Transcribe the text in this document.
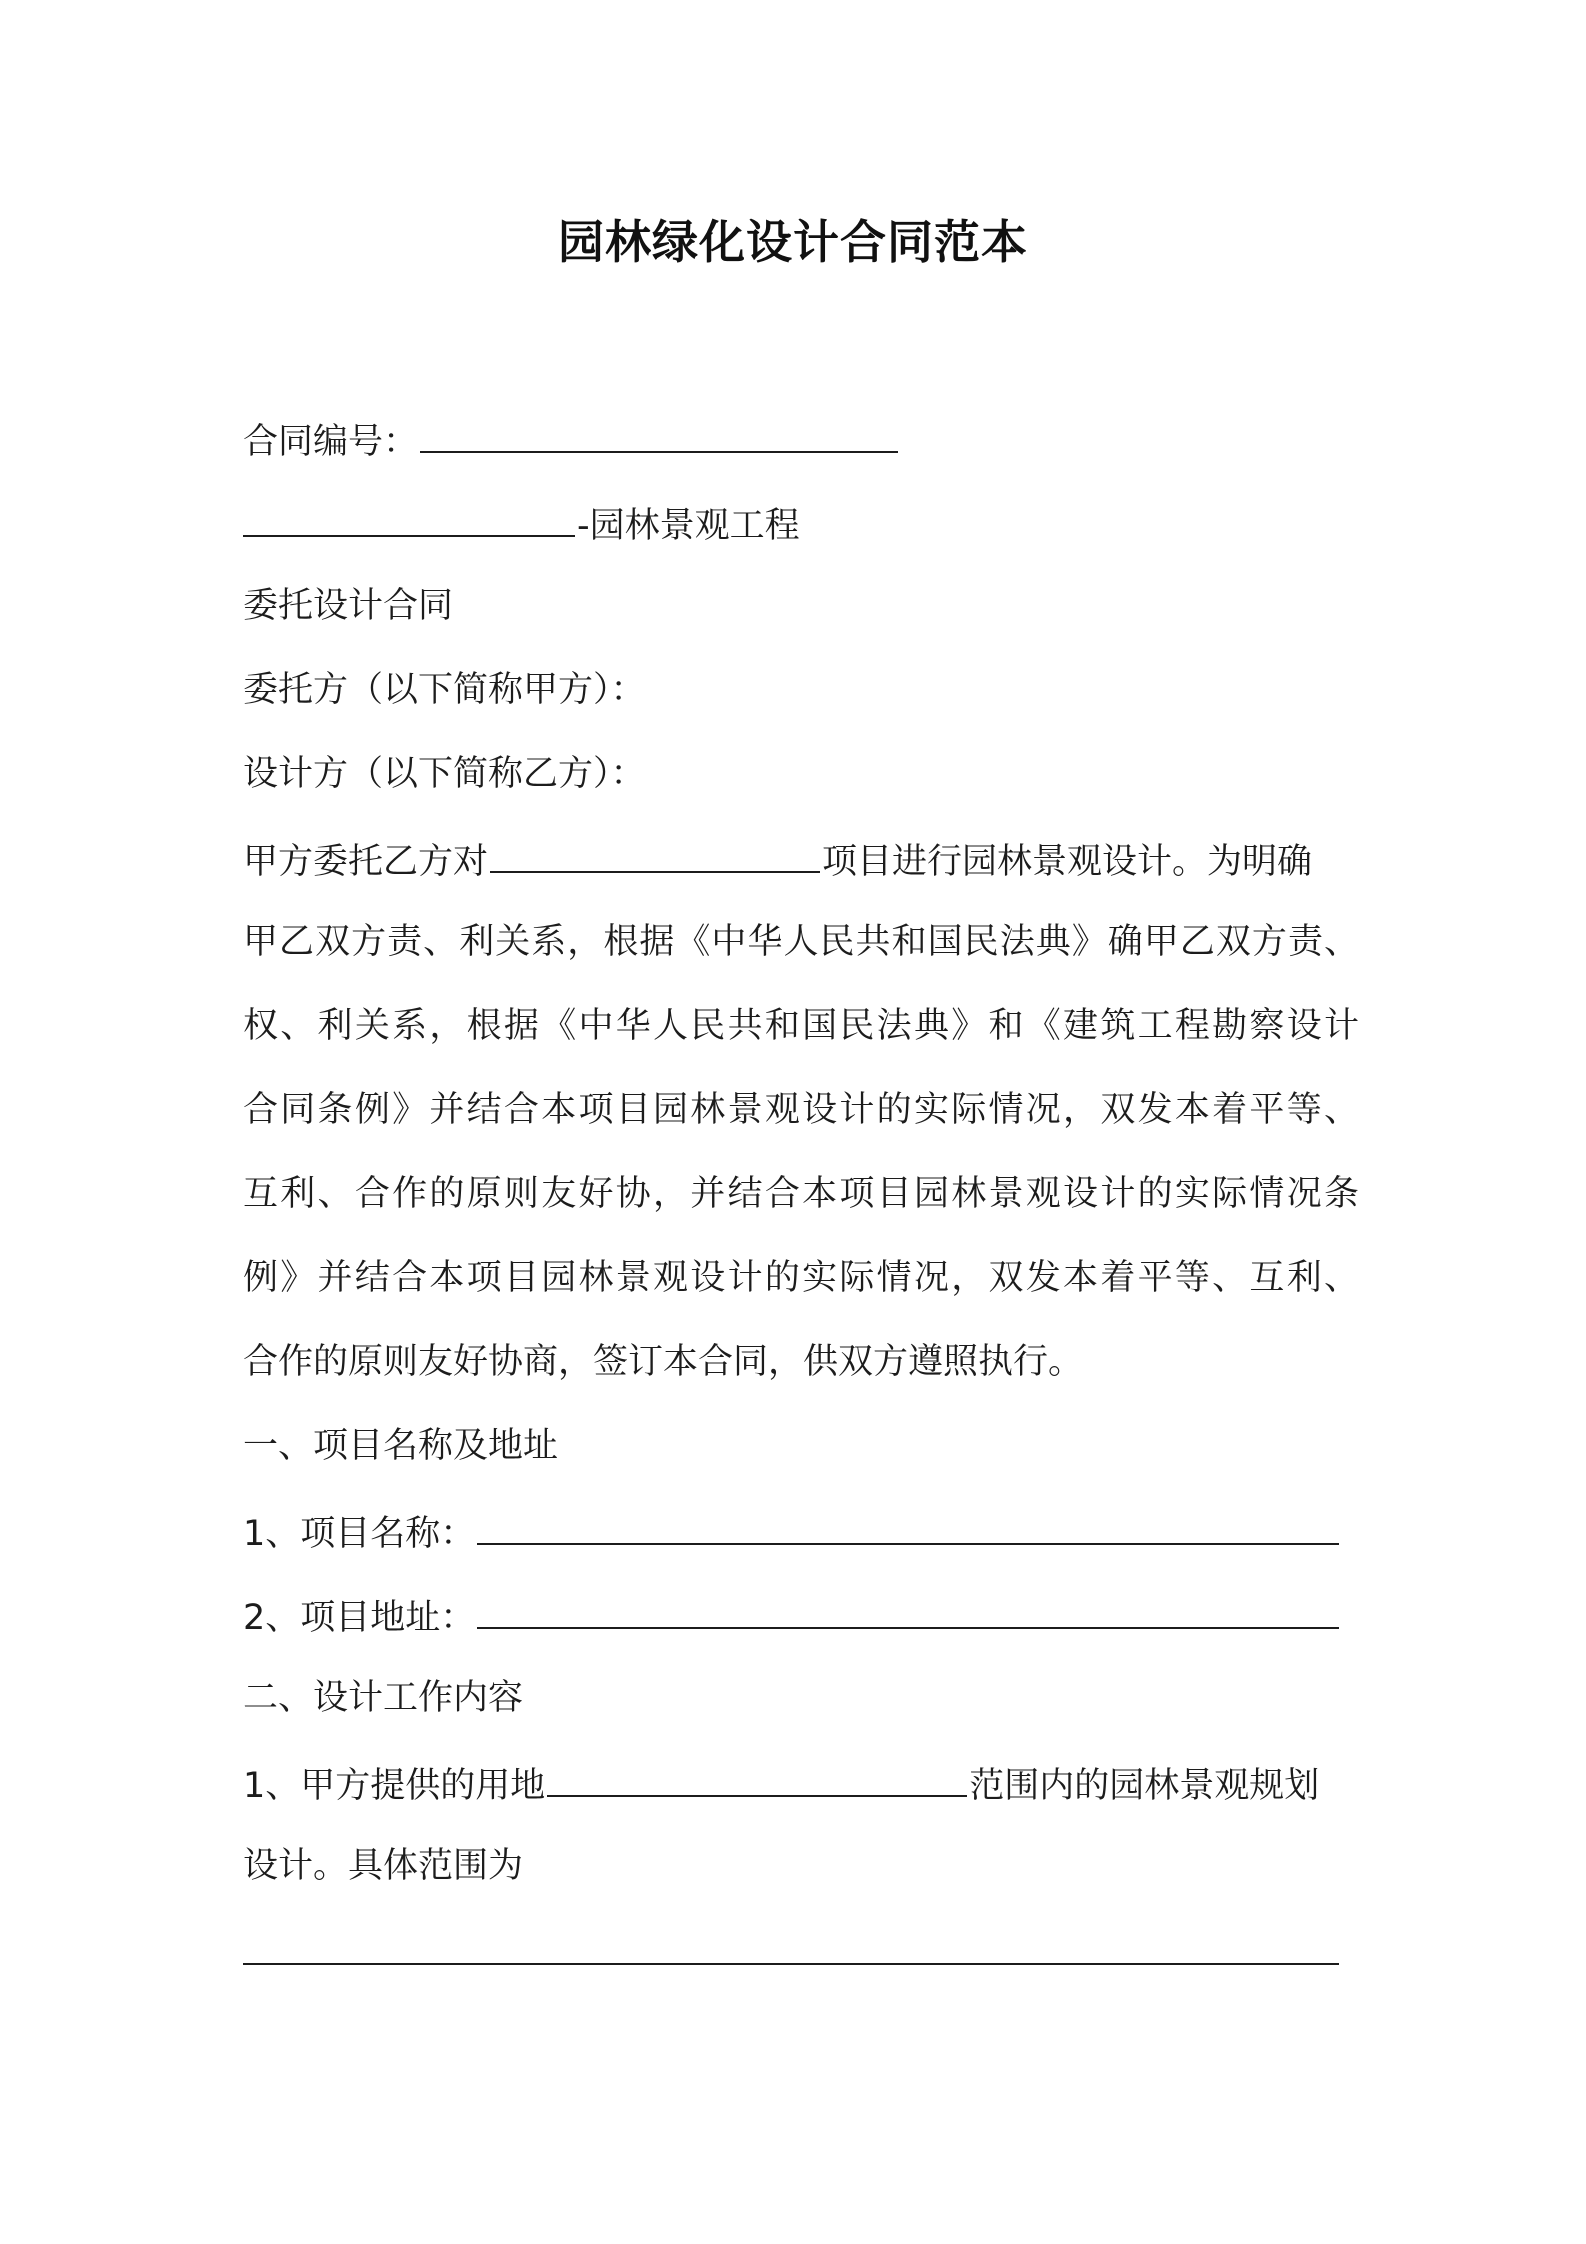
园林绿化设计合同范本
合同编号：
-园林景观工程
委托设计合同
委托方（以下简称甲方）：
设计方（以下简称乙方）：
甲方委托乙方对	项目进行园林景观设计。为明确
甲乙双方责、利关系，根据《中华人民共和国民法典》确甲乙双方责、
权、利关系，根据《中华人民共和国民法典》和《建筑工程勘察设计
合同条例》并结合本项目园林景观设计的实际情况，双发本着平等、
互利、合作的原则友好协，并结合本项目园林景观设计的实际情况条
例》并结合本项目园林景观设计的实际情况，双发本着平等、互利、
合作的原则友好协商，签订本合同，供双方遵照执行。
一、项目名称及地址
1、项目名称：
2、项目地址：
二、设计工作内容
1、甲方提供的用地	范围内的园林景观规划
设计。具体范围为
